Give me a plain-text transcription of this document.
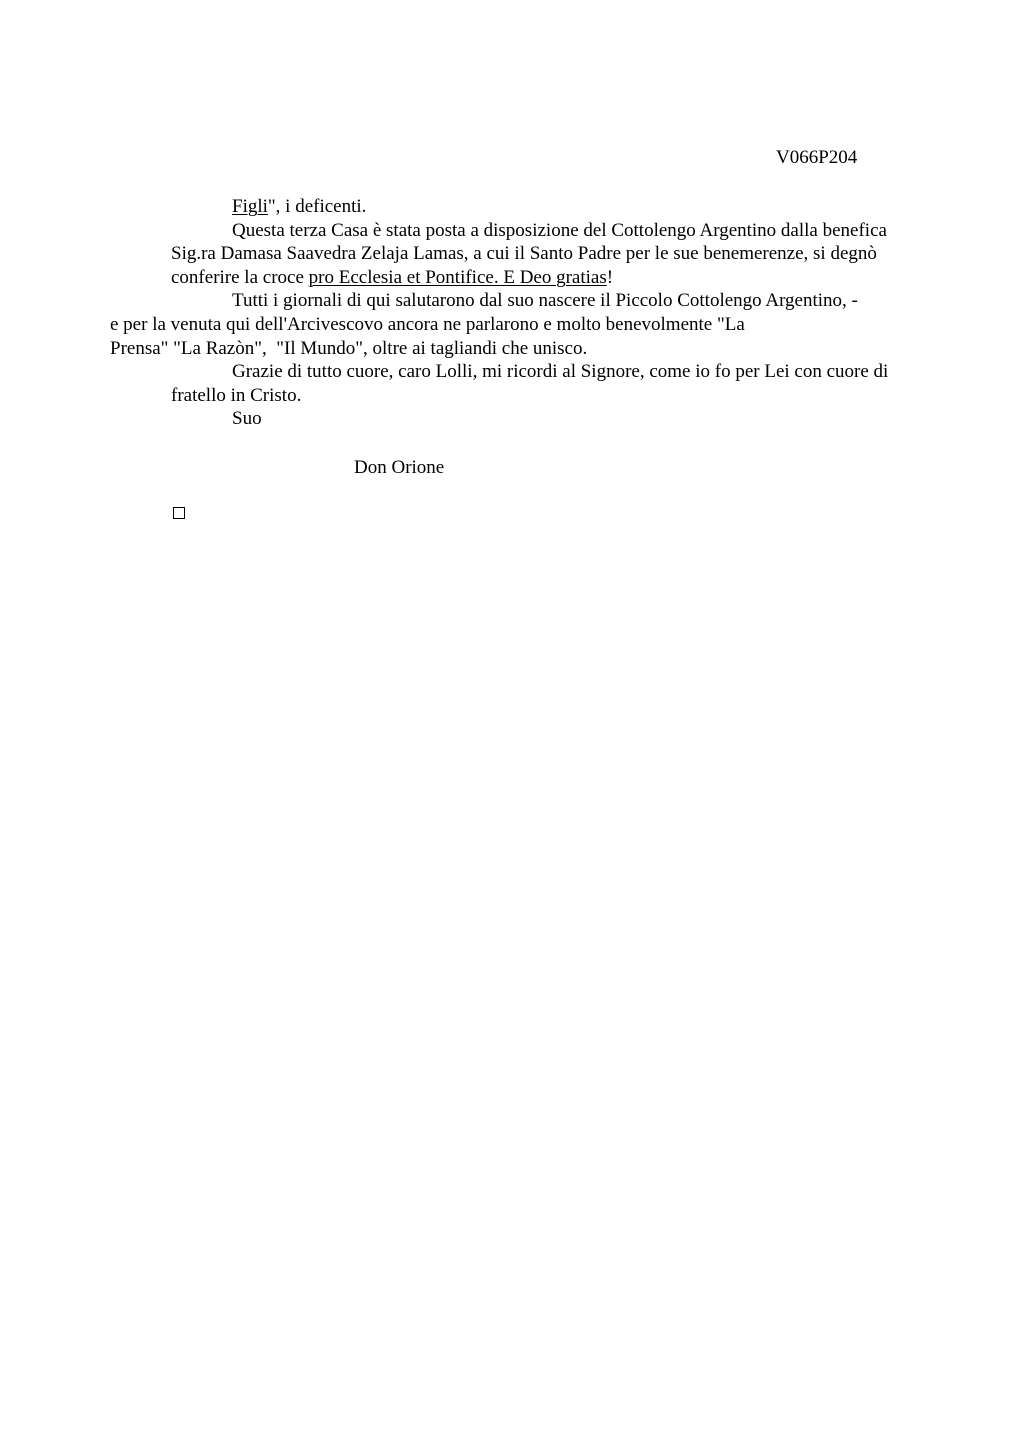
V066P204

Figli", i deficenti.

Questa terza Casa è stata posta a disposizione del Cottolengo Argentino dalla benefica Sig.ra Damasa Saavedra Zelaja Lamas, a cui il Santo Padre per le sue benemerenze, si degnò conferire la croce pro Ecclesia et Pontifice. E Deo gratias!

Tutti i giornali di qui salutarono dal suo nascere il Piccolo Cottolengo Argentino, -
e per la venuta qui dell'Arcivescovo ancora ne parlarono e molto benevolmente "La
Prensa" "La Razòn",  "Il Mundo", oltre ai tagliandi che unisco.

Grazie di tutto cuore, caro Lolli, mi ricordi al Signore, come io fo per Lei con cuore di fratello in Cristo.

Suo

Don Orione
